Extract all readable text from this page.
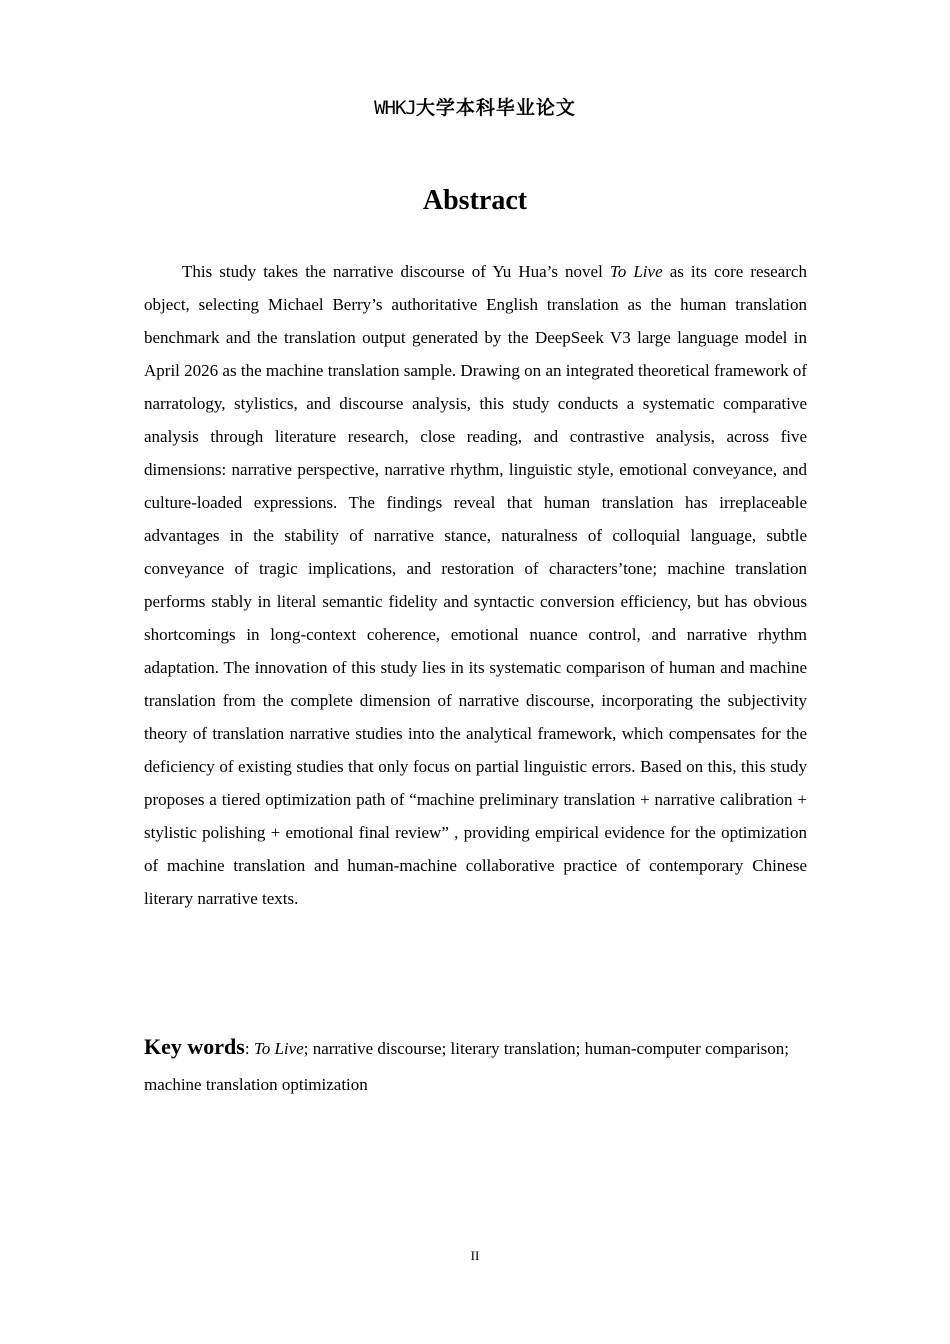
WHKJ大学本科毕业论文
Abstract

This study takes the narrative discourse of Yu Hua’s novel To Live as its core research object, selecting Michael Berry’s authoritative English translation as the human translation benchmark and the translation output generated by the DeepSeek V3 large language model in April 2026 as the machine translation sample. Drawing on an integrated theoretical framework of narratology, stylistics, and discourse analysis, this study conducts a systematic comparative analysis through literature research, close reading, and contrastive analysis, across five dimensions: narrative perspective, narrative rhythm, linguistic style, emotional conveyance, and culture-loaded expressions. The findings reveal that human translation has irreplaceable advantages in the stability of narrative stance, naturalness of colloquial language, subtle conveyance of tragic implications, and restoration of characters’tone; machine translation performs stably in literal semantic fidelity and syntactic conversion efficiency, but has obvious shortcomings in long-context coherence, emotional nuance control, and narrative rhythm adaptation. The innovation of this study lies in its systematic comparison of human and machine translation from the complete dimension of narrative discourse, incorporating the subjectivity theory of translation narrative studies into the analytical framework, which compensates for the deficiency of existing studies that only focus on partial linguistic errors. Based on this, this study proposes a tiered optimization path of “machine preliminary translation + narrative calibration + stylistic polishing + emotional final review” , providing empirical evidence for the optimization of machine translation and human-machine collaborative practice of contemporary Chinese literary narrative texts.

Key words: To Live; narrative discourse; literary translation; human-computer comparison; machine translation optimization

II
